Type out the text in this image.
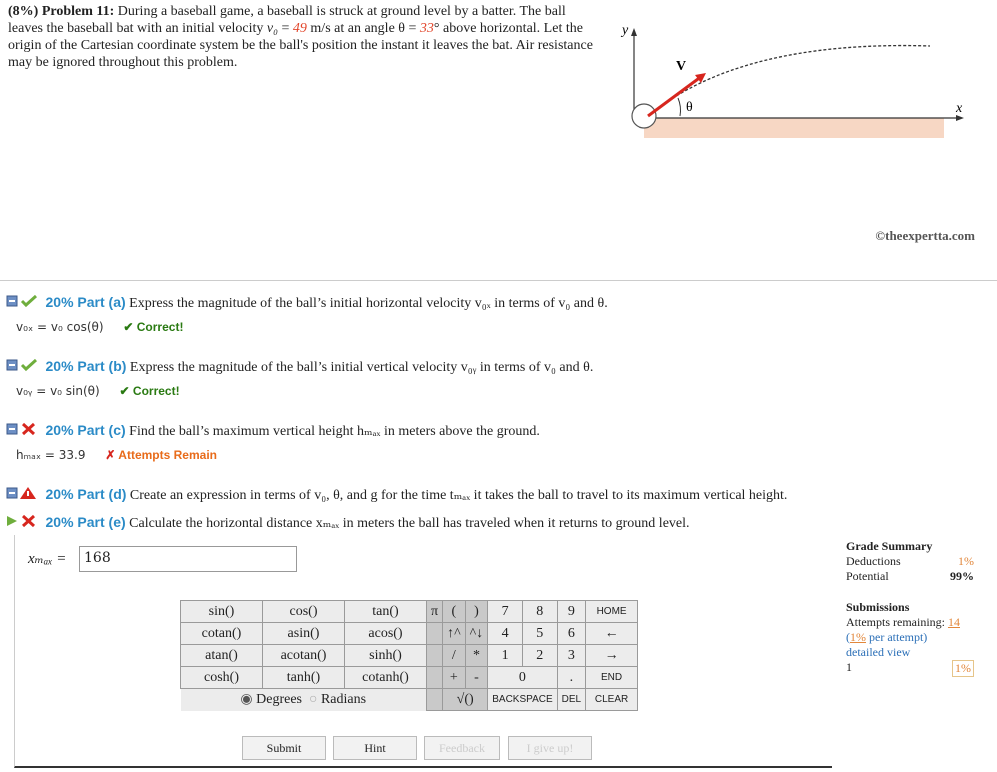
(8%) Problem 11: During a baseball game, a baseball is struck at ground level by a batter. The ball leaves the baseball bat with an initial velocity v₀ = 49 m/s at an angle θ = 33° above horizontal. Let the origin of the Cartesian coordinate system be the ball's position the instant it leaves the bat. Air resistance may be ignored throughout this problem.
y
x
V
θ
©theexpertta.com
20% Part (a) Express the magnitude of the ball’s initial horizontal velocity v₀ₓ in terms of v₀ and θ.
v₀ₓ = v₀ cos(θ) ✔ Correct!
20% Part (b) Express the magnitude of the ball’s initial vertical velocity v₀ᵧ in terms of v₀ and θ.
v₀ᵧ = v₀ sin(θ) ✔ Correct!
20% Part (c) Find the ball’s maximum vertical height hₘₐₓ in meters above the ground.
hₘₐₓ = 33.9 ✗ Attempts Remain
20% Part (d) Create an expression in terms of v₀, θ, and g for the time tₘₐₓ it takes the ball to travel to its maximum vertical height.
20% Part (e) Calculate the horizontal distance xₘₐₓ in meters the ball has traveled when it returns to ground level.
xₘₐₓ =	168
sin()	cos()	tan()	π	(	)	7	8	9	HOME
cotan()	asin()	acos()		↑^	^↓	4	5	6	←
atan()	acotan()	sinh()		/	*	1	2	3	→
cosh()	tanh()	cotanh()		+	-	0		.	END
◉ Degrees ○ Radians				√()		BACKSPACE		DEL	CLEAR
Submit	Hint	Feedback	I give up!
Grade Summary
Deductions	1%
Potential	99%
Submissions
Attempts remaining: 14
(1% per attempt)
detailed view
1	1%
